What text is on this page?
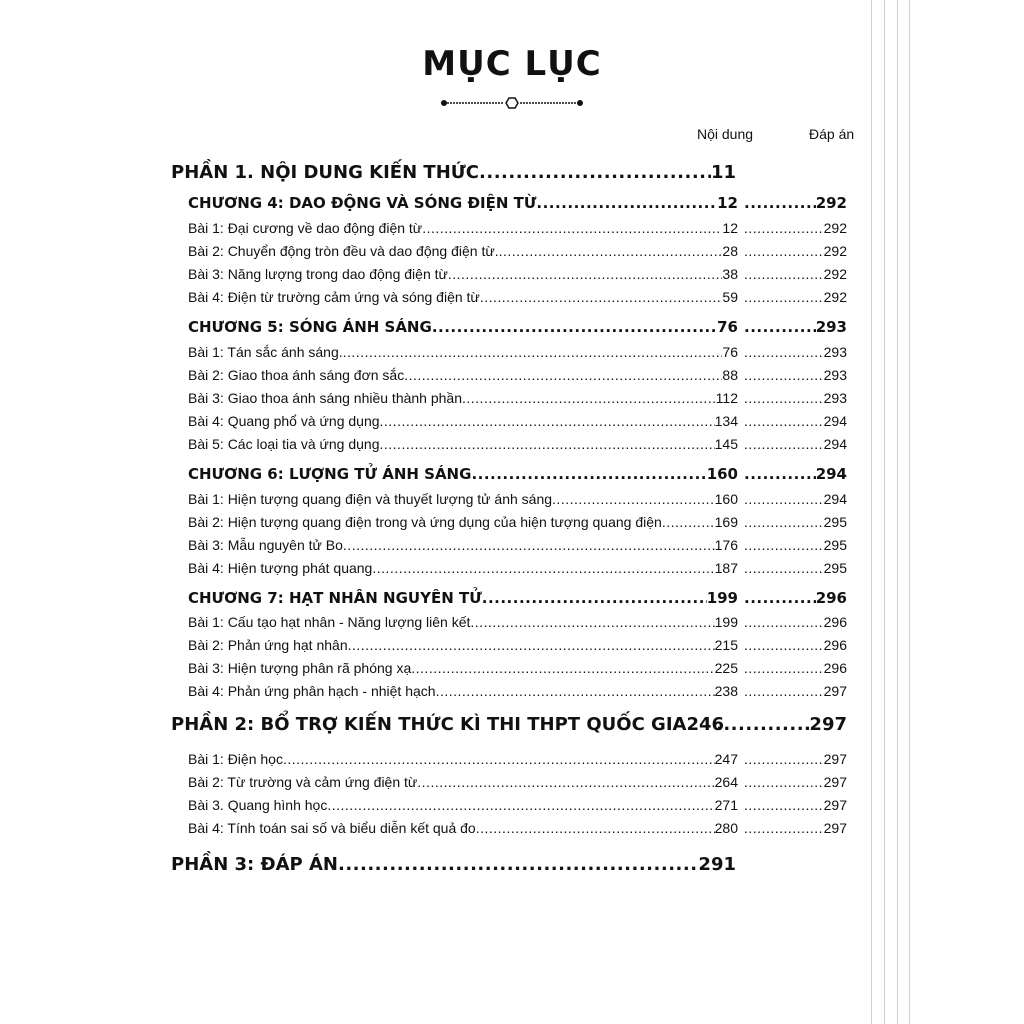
MỤC LỤC
Nội dung	Đáp án
PHẦN 1. NỘI DUNG KIẾN THỨC .....	11
CHƯƠNG 4: DAO ĐỘNG VÀ SÓNG ĐIỆN TỪ .....	12 .....	292
Bài 1: Đại cương về dao động điện từ .....	12 .....	292
Bài 2: Chuyển động tròn đều và dao động điện từ. .....	28 .....	292
Bài 3: Năng lượng trong dao động điện từ .....	38 .....	292
Bài 4: Điện từ trường cảm ứng và sóng điện từ .....	59 .....	292
CHƯƠNG 5: SÓNG ÁNH SÁNG .....	76 .....	293
Bài 1: Tán sắc ánh sáng. .....	76 .....	293
Bài 2: Giao thoa ánh sáng đơn sắc .....	88 .....	293
Bài 3: Giao thoa ánh sáng nhiều thành phần .....	112 .....	293
Bài 4: Quang phổ và ứng dụng .....	134 .....	294
Bài 5: Các loại tia và ứng dụng .....	145 .....	294
CHƯƠNG 6: LƯỢNG TỬ ÁNH SÁNG .....	160 .....	294
Bài 1: Hiện tượng quang điện và thuyết lượng tử ánh sáng .....	160 .....	294
Bài 2: Hiện tượng quang điện trong và ứng dụng của hiện tượng quang điện .....	169 .....	295
Bài 3: Mẫu nguyên tử Bo .....	176 .....	295
Bài 4: Hiện tượng phát quang .....	187 .....	295
CHƯƠNG 7: HẠT NHÂN NGUYÊN TỬ .....	199 .....	296
Bài 1: Cấu tạo hạt nhân - Năng lượng liên kết .....	199 .....	296
Bài 2: Phản ứng hạt nhân .....	215 .....	296
Bài 3: Hiện tượng phân rã phóng xạ .....	225 .....	296
Bài 4: Phản ứng phân hạch - nhiệt hạch .....	238 .....	297
PHẦN 2: BỔ TRỢ KIẾN THỨC KÌ THI THPT QUỐC GIA 246 .....	297
Bài 1: Điện học .....	247 .....	297
Bài 2: Từ trường và cảm ứng điện từ .....	264 .....	297
Bài 3. Quang hình học .....	271 .....	297
Bài 4: Tính toán sai số và biểu diễn kết quả đo .....	280 .....	297
PHẦN 3: ĐÁP ÁN .....	291
